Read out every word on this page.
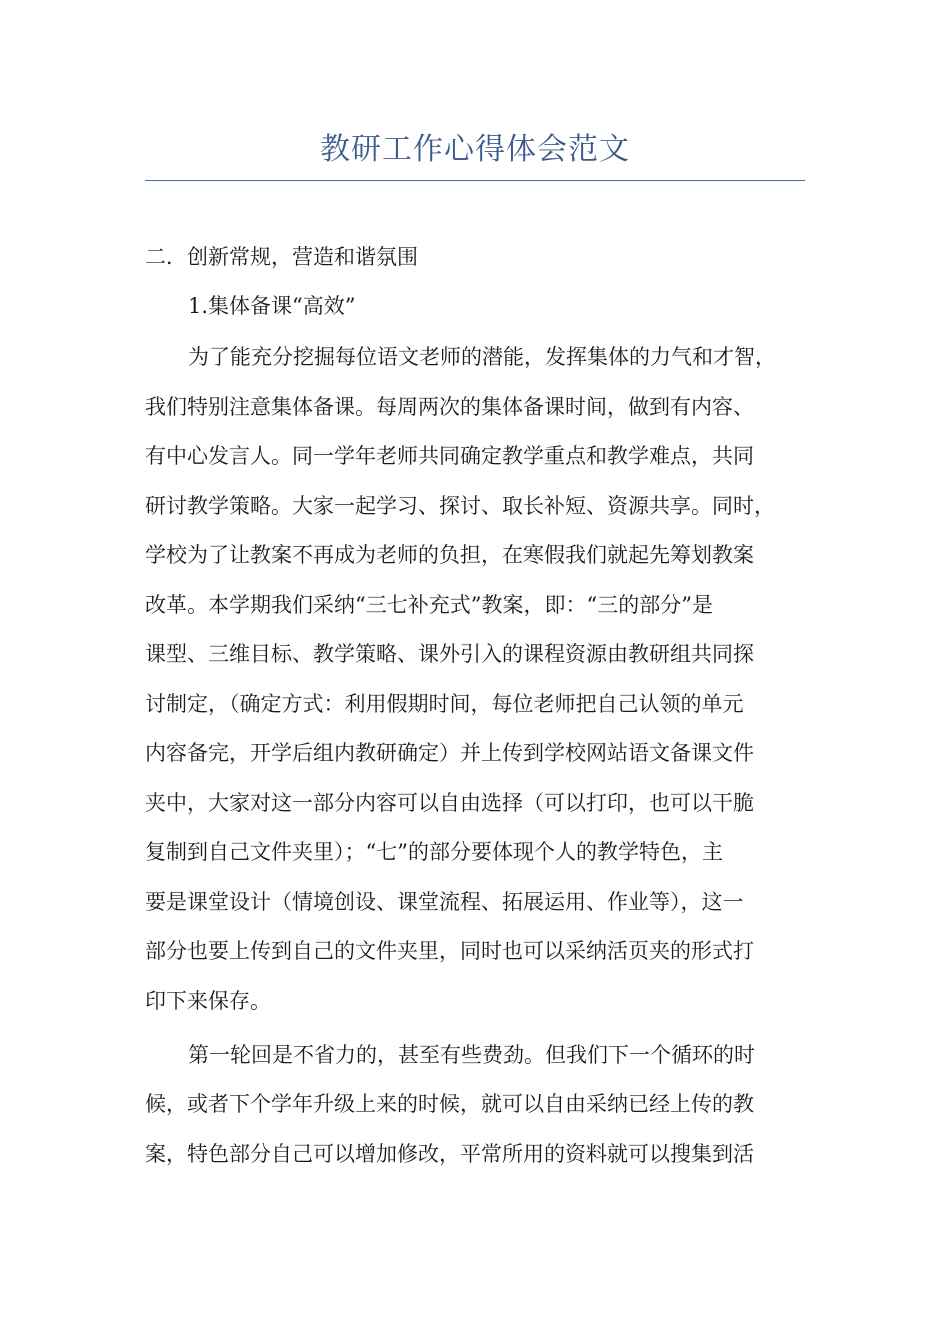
教研工作心得体会范文
二．创新常规，营造和谐氛围
1.集体备课“高效”
为了能充分挖掘每位语文老师的潜能，发挥集体的力气和才智，
我们特别注意集体备课。每周两次的集体备课时间，做到有内容、
有中心发言人。同一学年老师共同确定教学重点和教学难点，共同
研讨教学策略。大家一起学习、探讨、取长补短、资源共享。同时，
学校为了让教案不再成为老师的负担，在寒假我们就起先筹划教案
改革。本学期我们采纳“三七补充式”教案，即：“三的部分”是
课型、三维目标、教学策略、课外引入的课程资源由教研组共同探
讨制定，（确定方式：利用假期时间，每位老师把自己认领的单元
内容备完，开学后组内教研确定）并上传到学校网站语文备课文件
夹中，大家对这一部分内容可以自由选择（可以打印，也可以干脆
复制到自己文件夹里）；“七”的部分要体现个人的教学特色，主
要是课堂设计（情境创设、课堂流程、拓展运用、作业等），这一
部分也要上传到自己的文件夹里，同时也可以采纳活页夹的形式打
印下来保存。
第一轮回是不省力的，甚至有些费劲。但我们下一个循环的时
候，或者下个学年升级上来的时候，就可以自由采纳已经上传的教
案，特色部分自己可以增加修改，平常所用的资料就可以搜集到活
